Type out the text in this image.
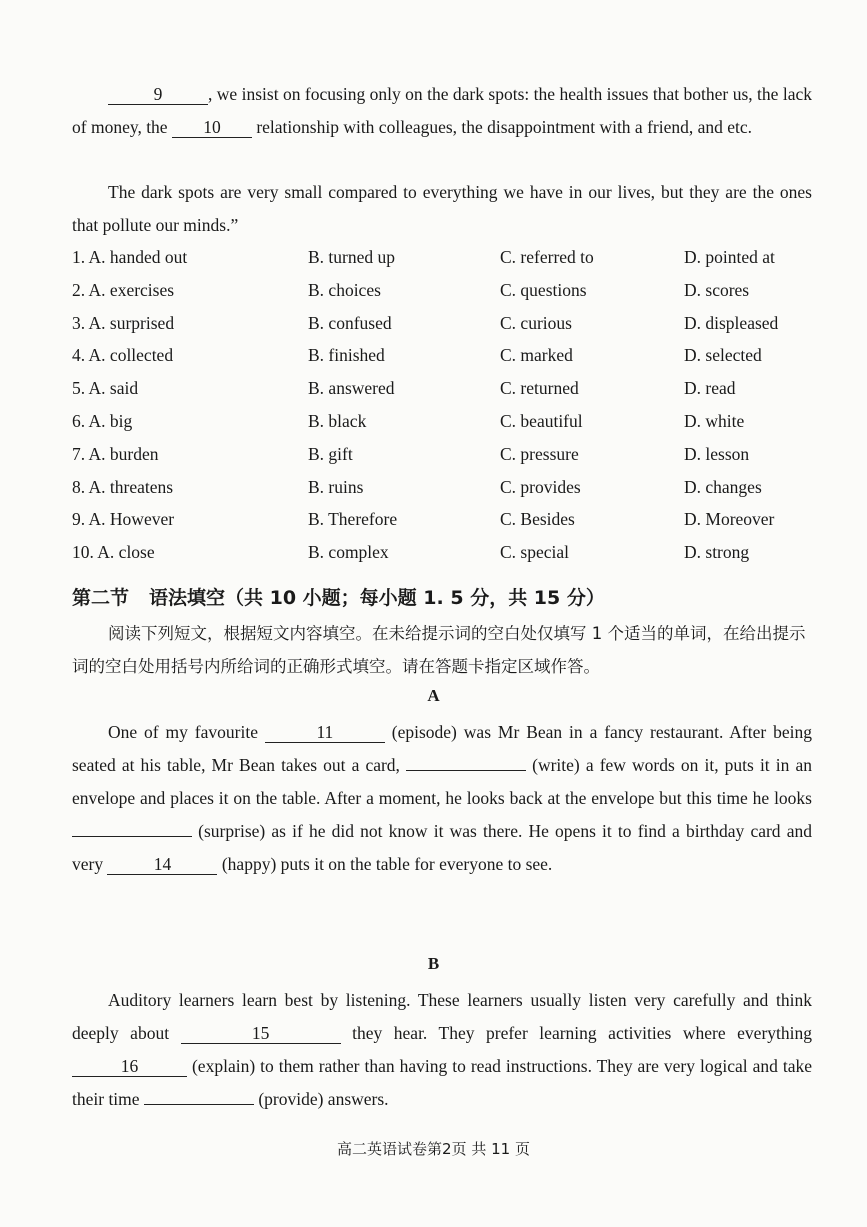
9	, we insist on focusing only on the dark spots: the health issues that bother us, the lack of money, the 10 relationship with colleagues, the disappointment with a friend, and etc.
The dark spots are very small compared to everything we have in our lives, but they are the ones that pollute our minds.”
1. A. handed out	B. turned up	C. referred to	D. pointed at
2. A. exercises	B. choices	C. questions	D. scores
3. A. surprised	B. confused	C. curious	D. displeased
4. A. collected	B. finished	C. marked	D. selected
5. A. said	B. answered	C. returned	D. read
6. A. big	B. black	C. beautiful	D. white
7. A. burden	B. gift	C. pressure	D. lesson
8. A. threatens	B. ruins	C. provides	D. changes
9. A. However	B. Therefore	C. Besides	D. Moreover
10. A. close	B. complex	C. special	D. strong
第二节 语法填空（共 10 小题；每小题 1. 5 分，共 15 分）
阅读下列短文，根据短文内容填空。在未给提示词的空白处仅填写 1 个适当的单词，在给出提示词的空白处用括号内所给词的正确形式填空。请在答题卡指定区域作答。
A
One of my favourite	11	(episode) was Mr Bean in a fancy restaurant. After being seated at his table, Mr Bean takes out a card,	(write) a few words on it, puts it in an envelope and places it on the table. After a moment, he looks back at the envelope but this time he looks  (surprise) as if he did not know it was there. He opens it to find a birthday card and very	14	(happy) puts it on the table for everyone to see.
B
Auditory learners learn best by listening. These learners usually listen very carefully and think deeply about	15	they hear. They prefer learning activities where everything 16	(explain) to them rather than having to read instructions. They are very logical and take their time	(provide) answers.
高二英语试卷第2页 共 11 页
